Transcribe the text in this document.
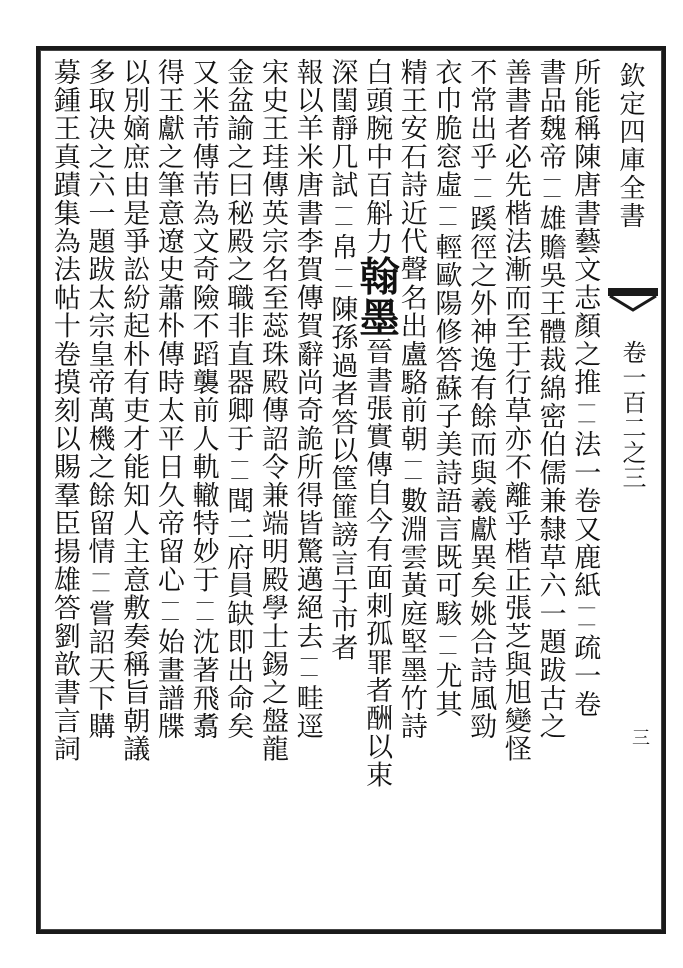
欽定四庫全書
卷一百二之三
三
所能稱陳唐書藝文志顏之推｜｜法一卷又鹿紙｜｜疏一卷
書品魏帝｜｜雄贍吳王體裁綿密伯儒兼隸草六一題跋古之
善書者必先楷法漸而至于行草亦不離乎楷正張芝與旭變怪
不常出乎｜｜蹊徑之外神逸有餘而與羲獻異矣姚合詩風勁
衣巾脆窓虛｜｜輕歐陽修答蘇子美詩語言既可駭｜｜尤其
精王安石詩近代聲名出盧駱前朝｜｜數淵雲黃庭堅墨竹詩
白頭腕中百斛力翰墨晉書張實傳自今有面刺孤罪者酬以束
深閨靜几試｜｜帛｜｜陳孫過者答以筐篚謗言于市者
報以羊米唐書李賀傳賀辭尚奇詭所得皆驚邁絕去｜｜畦逕
宋史王珪傳英宗名至蕊珠殿傳詔令兼端明殿學士錫之盤龍
金盆諭之曰秘殿之職非直器卿于｜｜聞二府員缺即出命矣
又米芾傳芾為文奇險不蹈襲前人軌轍特妙于｜｜沈著飛翥
得王獻之筆意遼史蕭朴傳時太平日久帝留心｜｜始畫譜牒
以別嫡庶由是爭訟紛起朴有吏才能知人主意敷奏稱旨朝議
多取决之六一題跋太宗皇帝萬機之餘留情｜｜嘗詔天下購
募鍾王真蹟集為法帖十卷摸刻以賜羣臣揚雄答劉歆書言詞
